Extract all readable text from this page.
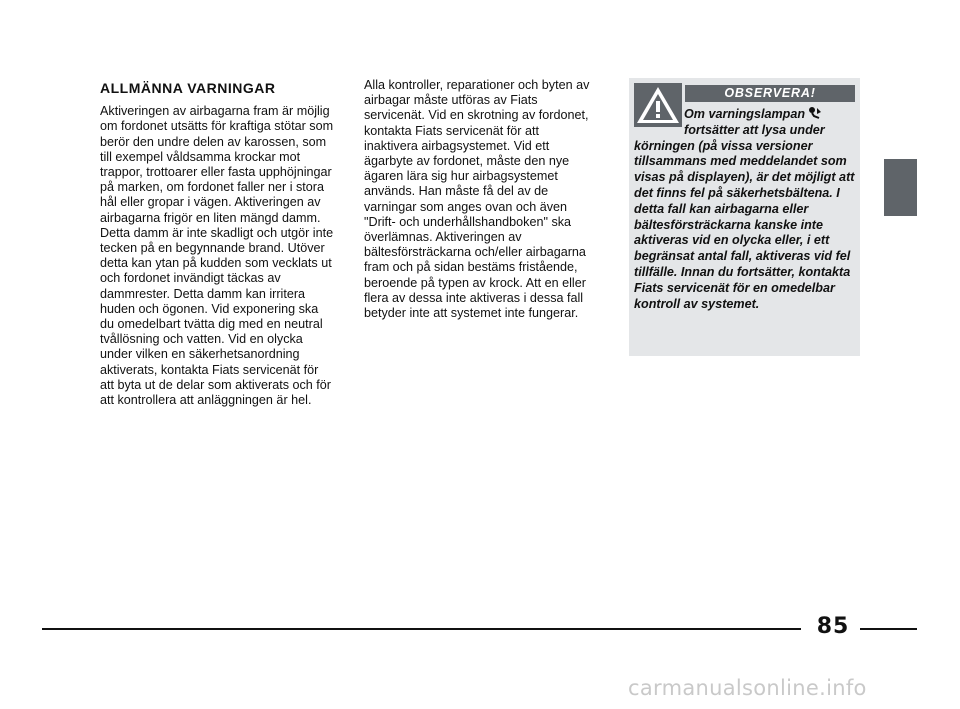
ALLMÄNNA VARNINGAR

Aktiveringen av airbagarna fram är möjlig om fordonet utsätts för kraftiga stötar som berör den undre delen av karossen, som till exempel våldsamma krockar mot trappor, trottoarer eller fasta upphöjningar på marken, om fordonet faller ner i stora hål eller gropar i vägen. Aktiveringen av airbagarna frigör en liten mängd damm. Detta damm är inte skadligt och utgör inte tecken på en begynnande brand. Utöver detta kan ytan på kudden som vecklats ut och fordonet invändigt täckas av dammrester. Detta damm kan irritera huden och ögonen. Vid exponering ska du omedelbart tvätta dig med en neutral tvållösning och vatten. Vid en olycka under vilken en säkerhetsanordning aktiverats, kontakta Fiats servicenät för att byta ut de delar som aktiverats och för att kontrollera att anläggningen är hel.

Alla kontroller, reparationer och byten av airbagar måste utföras av Fiats servicenät. Vid en skrotning av fordonet, kontakta Fiats servicenät för att inaktivera airbagsystemet. Vid ett ägarbyte av fordonet, måste den nye ägaren lära sig hur airbagsystemet används. Han måste få del av de varningar som anges ovan och även "Drift- och underhållshandboken" ska överlämnas. Aktiveringen av bältesförsträckarna och/eller airbagarna fram och på sidan bestäms fristående, beroende på typen av krock. Att en eller flera av dessa inte aktiveras i dessa fall betyder inte att systemet inte fungerar.

OBSERVERA!
Om varningslampan
fortsätter att lysa under
körningen (på vissa versioner tillsammans med meddelandet som visas på displayen), är det möjligt att det finns fel på säkerhetsbältena. I detta fall kan airbagarna eller bältesförsträckarna kanske inte aktiveras vid en olycka eller, i ett begränsat antal fall, aktiveras vid fel tillfälle. Innan du fortsätter, kontakta Fiats servicenät för en omedelbar kontroll av systemet.
85
carmanualsonline.info
